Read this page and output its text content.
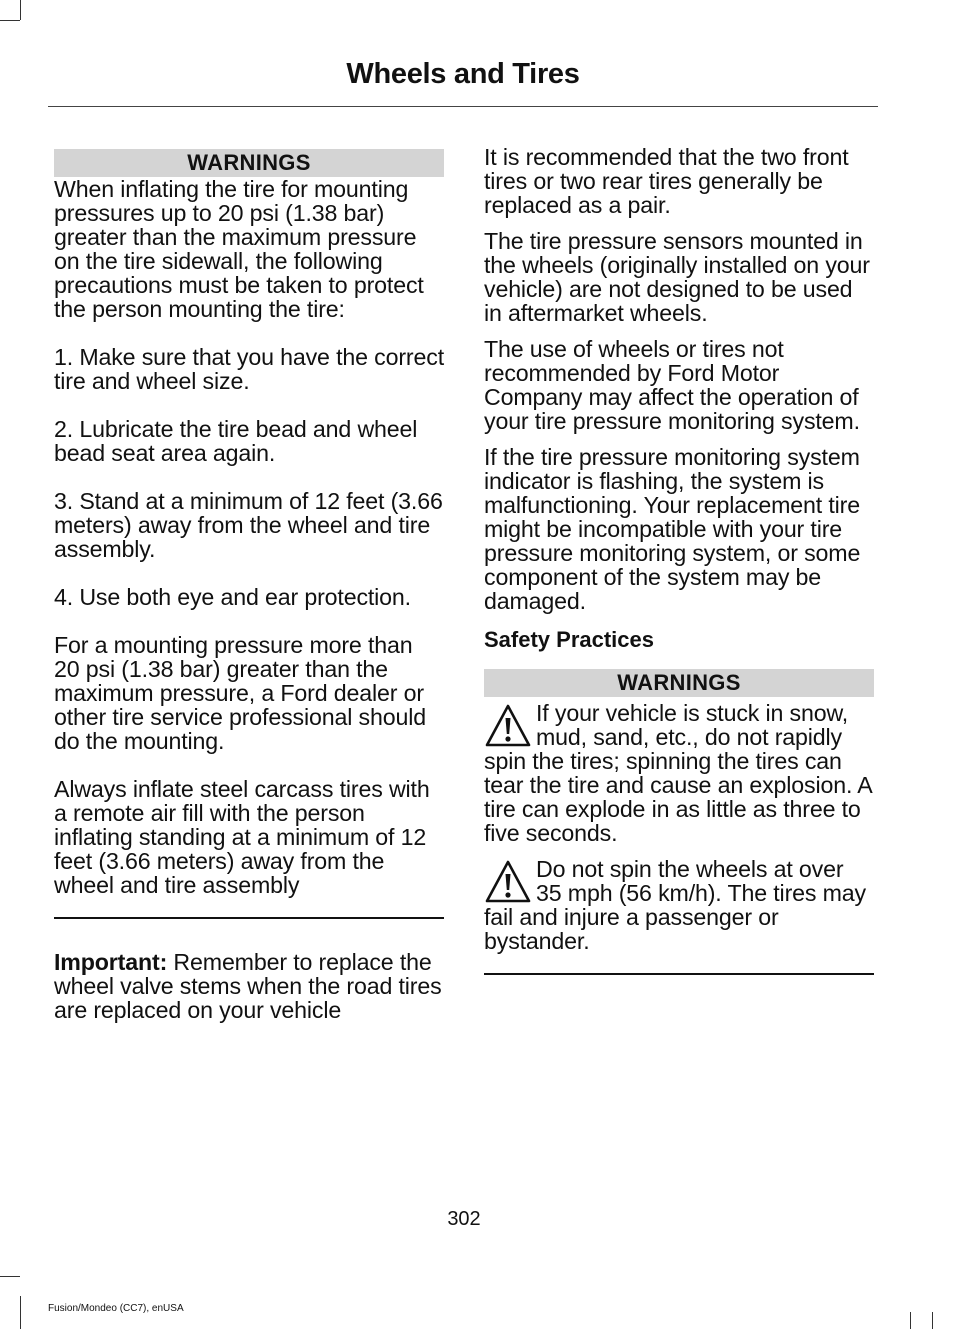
Wheels and Tires
WARNINGS

When inflating the tire for mounting pressures up to 20 psi (1.38 bar) greater than the maximum pressure on the tire sidewall, the following precautions must be taken to protect the person mounting the tire:

1. Make sure that you have the correct tire and wheel size.

2. Lubricate the tire bead and wheel bead seat area again.

3. Stand at a minimum of 12 feet (3.66 meters) away from the wheel and tire assembly.

4. Use both eye and ear protection.

For a mounting pressure more than 20 psi (1.38 bar) greater than the maximum pressure, a Ford dealer or other tire service professional should do the mounting.

Always inflate steel carcass tires with a remote air fill with the person inflating standing at a minimum of 12 feet (3.66 meters) away from the wheel and tire assembly

Important: Remember to replace the wheel valve stems when the road tires are replaced on your vehicle

It is recommended that the two front tires or two rear tires generally be replaced as a pair.

The tire pressure sensors mounted in the wheels (originally installed on your vehicle) are not designed to be used in aftermarket wheels.

The use of wheels or tires not recommended by Ford Motor Company may affect the operation of your tire pressure monitoring system.

If the tire pressure monitoring system indicator is flashing, the system is malfunctioning. Your replacement tire might be incompatible with your tire pressure monitoring system, or some component of the system may be damaged.

Safety Practices
WARNINGS

If your vehicle is stuck in snow, mud, sand, etc., do not rapidly spin the tires; spinning the tires can tear the tire and cause an explosion. A tire can explode in as little as three to five seconds.

Do not spin the wheels at over 35 mph (56 km/h). The tires may fail and injure a passenger or bystander.

302
Fusion/Mondeo (CC7), enUSA
